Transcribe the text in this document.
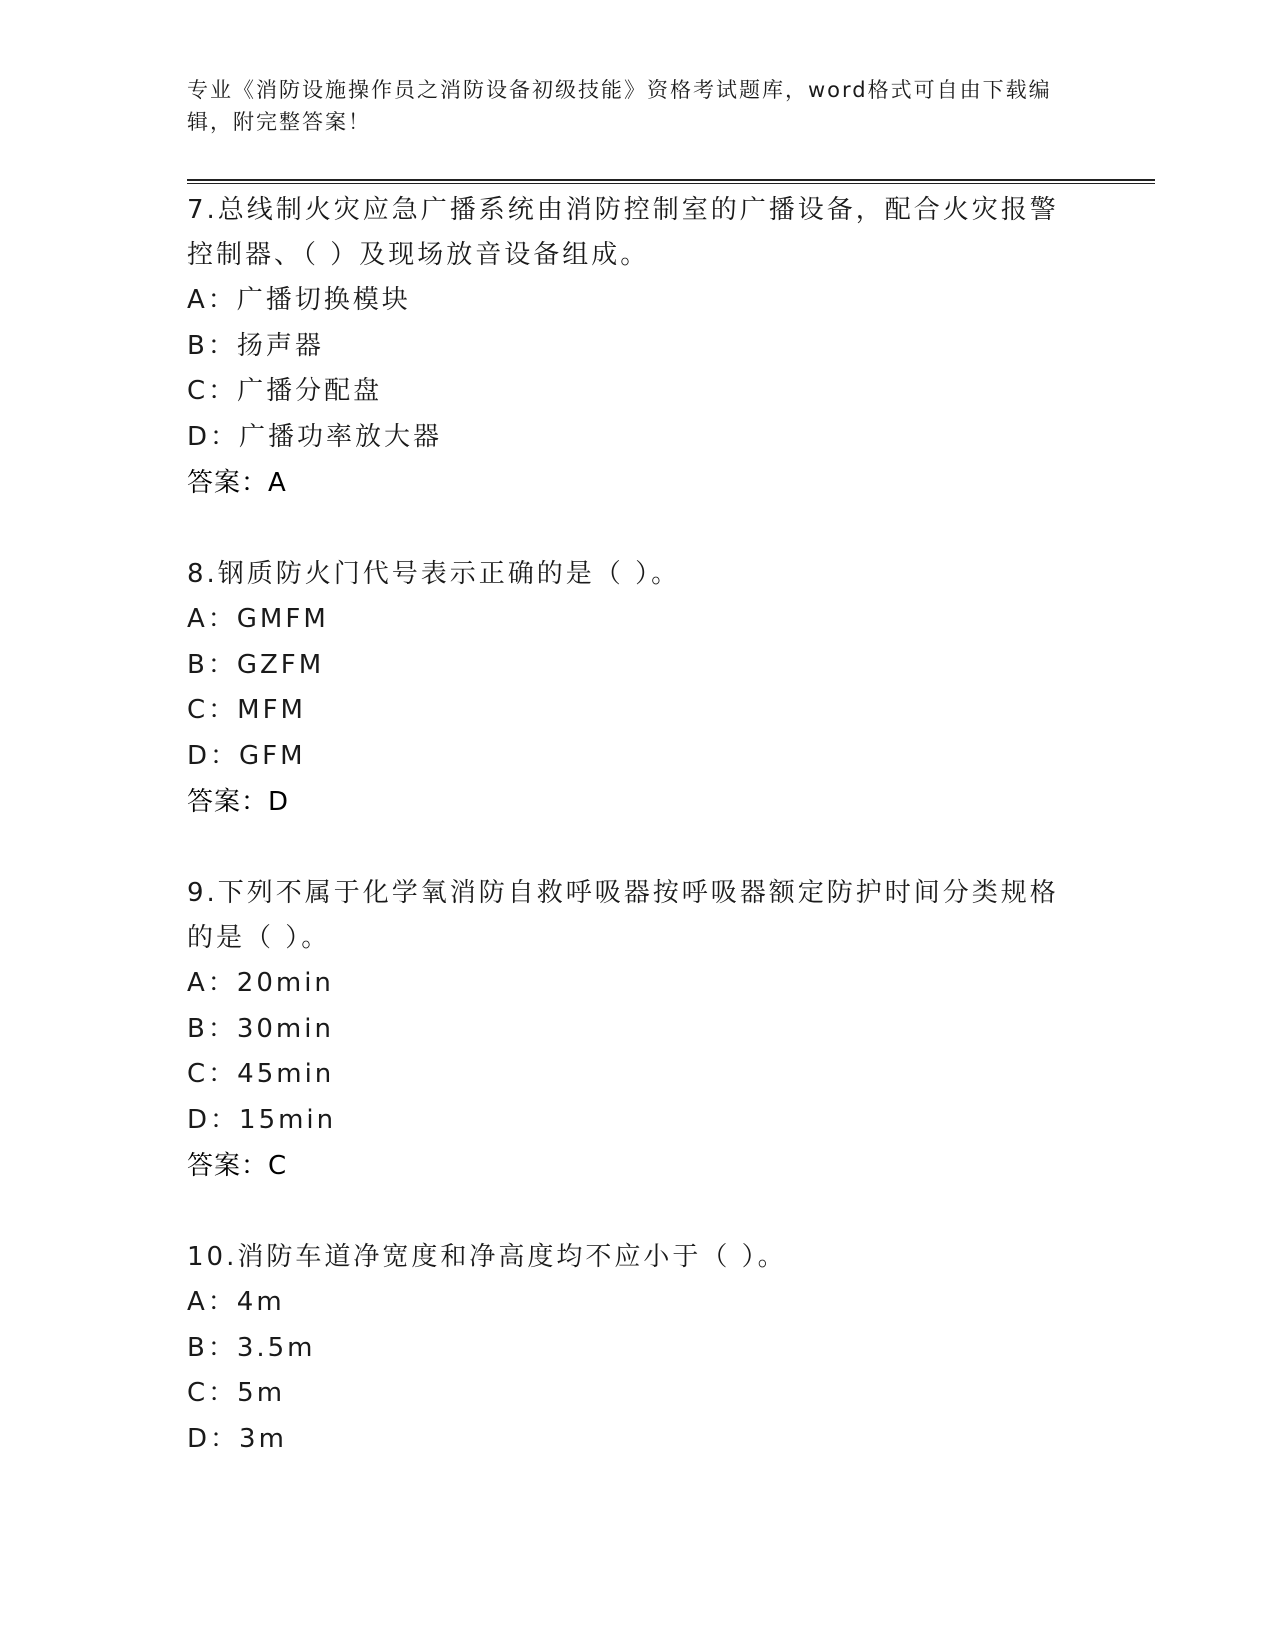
专业《消防设施操作员之消防设备初级技能》资格考试题库，word格式可自由下载编辑，附完整答案！

7.总线制火灾应急广播系统由消防控制室的广播设备，配合火灾报警控制器、（ ）及现场放音设备组成。

A：广播切换模块

B：扬声器

C：广播分配盘

D：广播功率放大器

答案：A

8.钢质防火门代号表示正确的是（ ）。

A：GMFM

B：GZFM

C：MFM

D：GFM

答案：D

9.下列不属于化学氧消防自救呼吸器按呼吸器额定防护时间分类规格的是（ ）。

A：20min

B：30min

C：45min

D：15min

答案：C

10.消防车道净宽度和净高度均不应小于（ ）。

A：4m

B：3.5m

C：5m

D：3m
